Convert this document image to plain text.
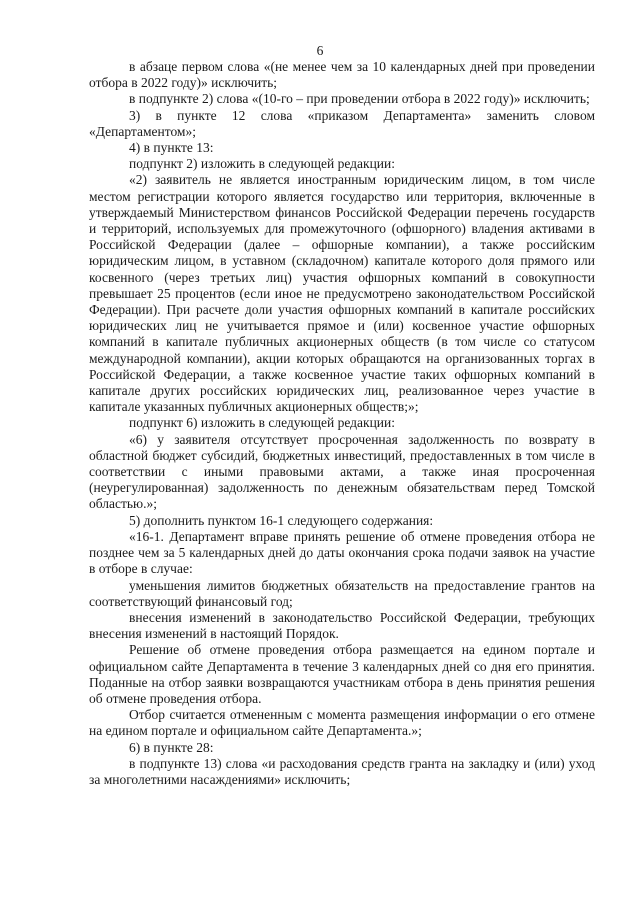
6

в абзаце первом слова «(не менее чем за 10 календарных дней при проведении отбора в 2022 году)» исключить;

в подпункте 2) слова «(10-го – при проведении отбора в 2022 году)» исключить;

3) в пункте 12 слова «приказом Департамента» заменить словом «Департаментом»;

4) в пункте 13:

подпункт 2) изложить в следующей редакции:

«2) заявитель не является иностранным юридическим лицом, в том числе местом регистрации которого является государство или территория, включенные в утверждаемый Министерством финансов Российской Федерации перечень государств и территорий, используемых для промежуточного (офшорного) владения активами в Российской Федерации (далее – офшорные компании), а также российским юридическим лицом, в уставном (складочном) капитале которого доля прямого или косвенного (через третьих лиц) участия офшорных компаний в совокупности превышает 25 процентов (если иное не предусмотрено законодательством Российской Федерации). При расчете доли участия офшорных компаний в капитале российских юридических лиц не учитывается прямое и (или) косвенное участие офшорных компаний в капитале публичных акционерных обществ (в том числе со статусом международной компании), акции которых обращаются на организованных торгах в Российской Федерации, а также косвенное участие таких офшорных компаний в капитале других российских юридических лиц, реализованное через участие в капитале указанных публичных акционерных обществ;»;

подпункт 6) изложить в следующей редакции:

«6) у заявителя отсутствует просроченная задолженность по возврату в областной бюджет субсидий, бюджетных инвестиций, предоставленных в том числе в соответствии с иными правовыми актами, а также иная просроченная (неурегулированная) задолженность по денежным обязательствам перед Томской областью.»;

5) дополнить пунктом 16-1 следующего содержания:

«16-1. Департамент вправе принять решение об отмене проведения отбора не позднее чем за 5 календарных дней до даты окончания срока подачи заявок на участие в отборе в случае:

уменьшения лимитов бюджетных обязательств на предоставление грантов на соответствующий финансовый год;

внесения изменений в законодательство Российской Федерации, требующих внесения изменений в настоящий Порядок.

Решение об отмене проведения отбора размещается на едином портале и официальном сайте Департамента в течение 3 календарных дней со дня его принятия. Поданные на отбор заявки возвращаются участникам отбора в день принятия решения об отмене проведения отбора.

Отбор считается отмененным с момента размещения информации о его отмене на едином портале и официальном сайте Департамента.»;

6) в пункте 28:

в подпункте 13) слова «и расходования средств гранта на закладку и (или) уход за многолетними насаждениями» исключить;
